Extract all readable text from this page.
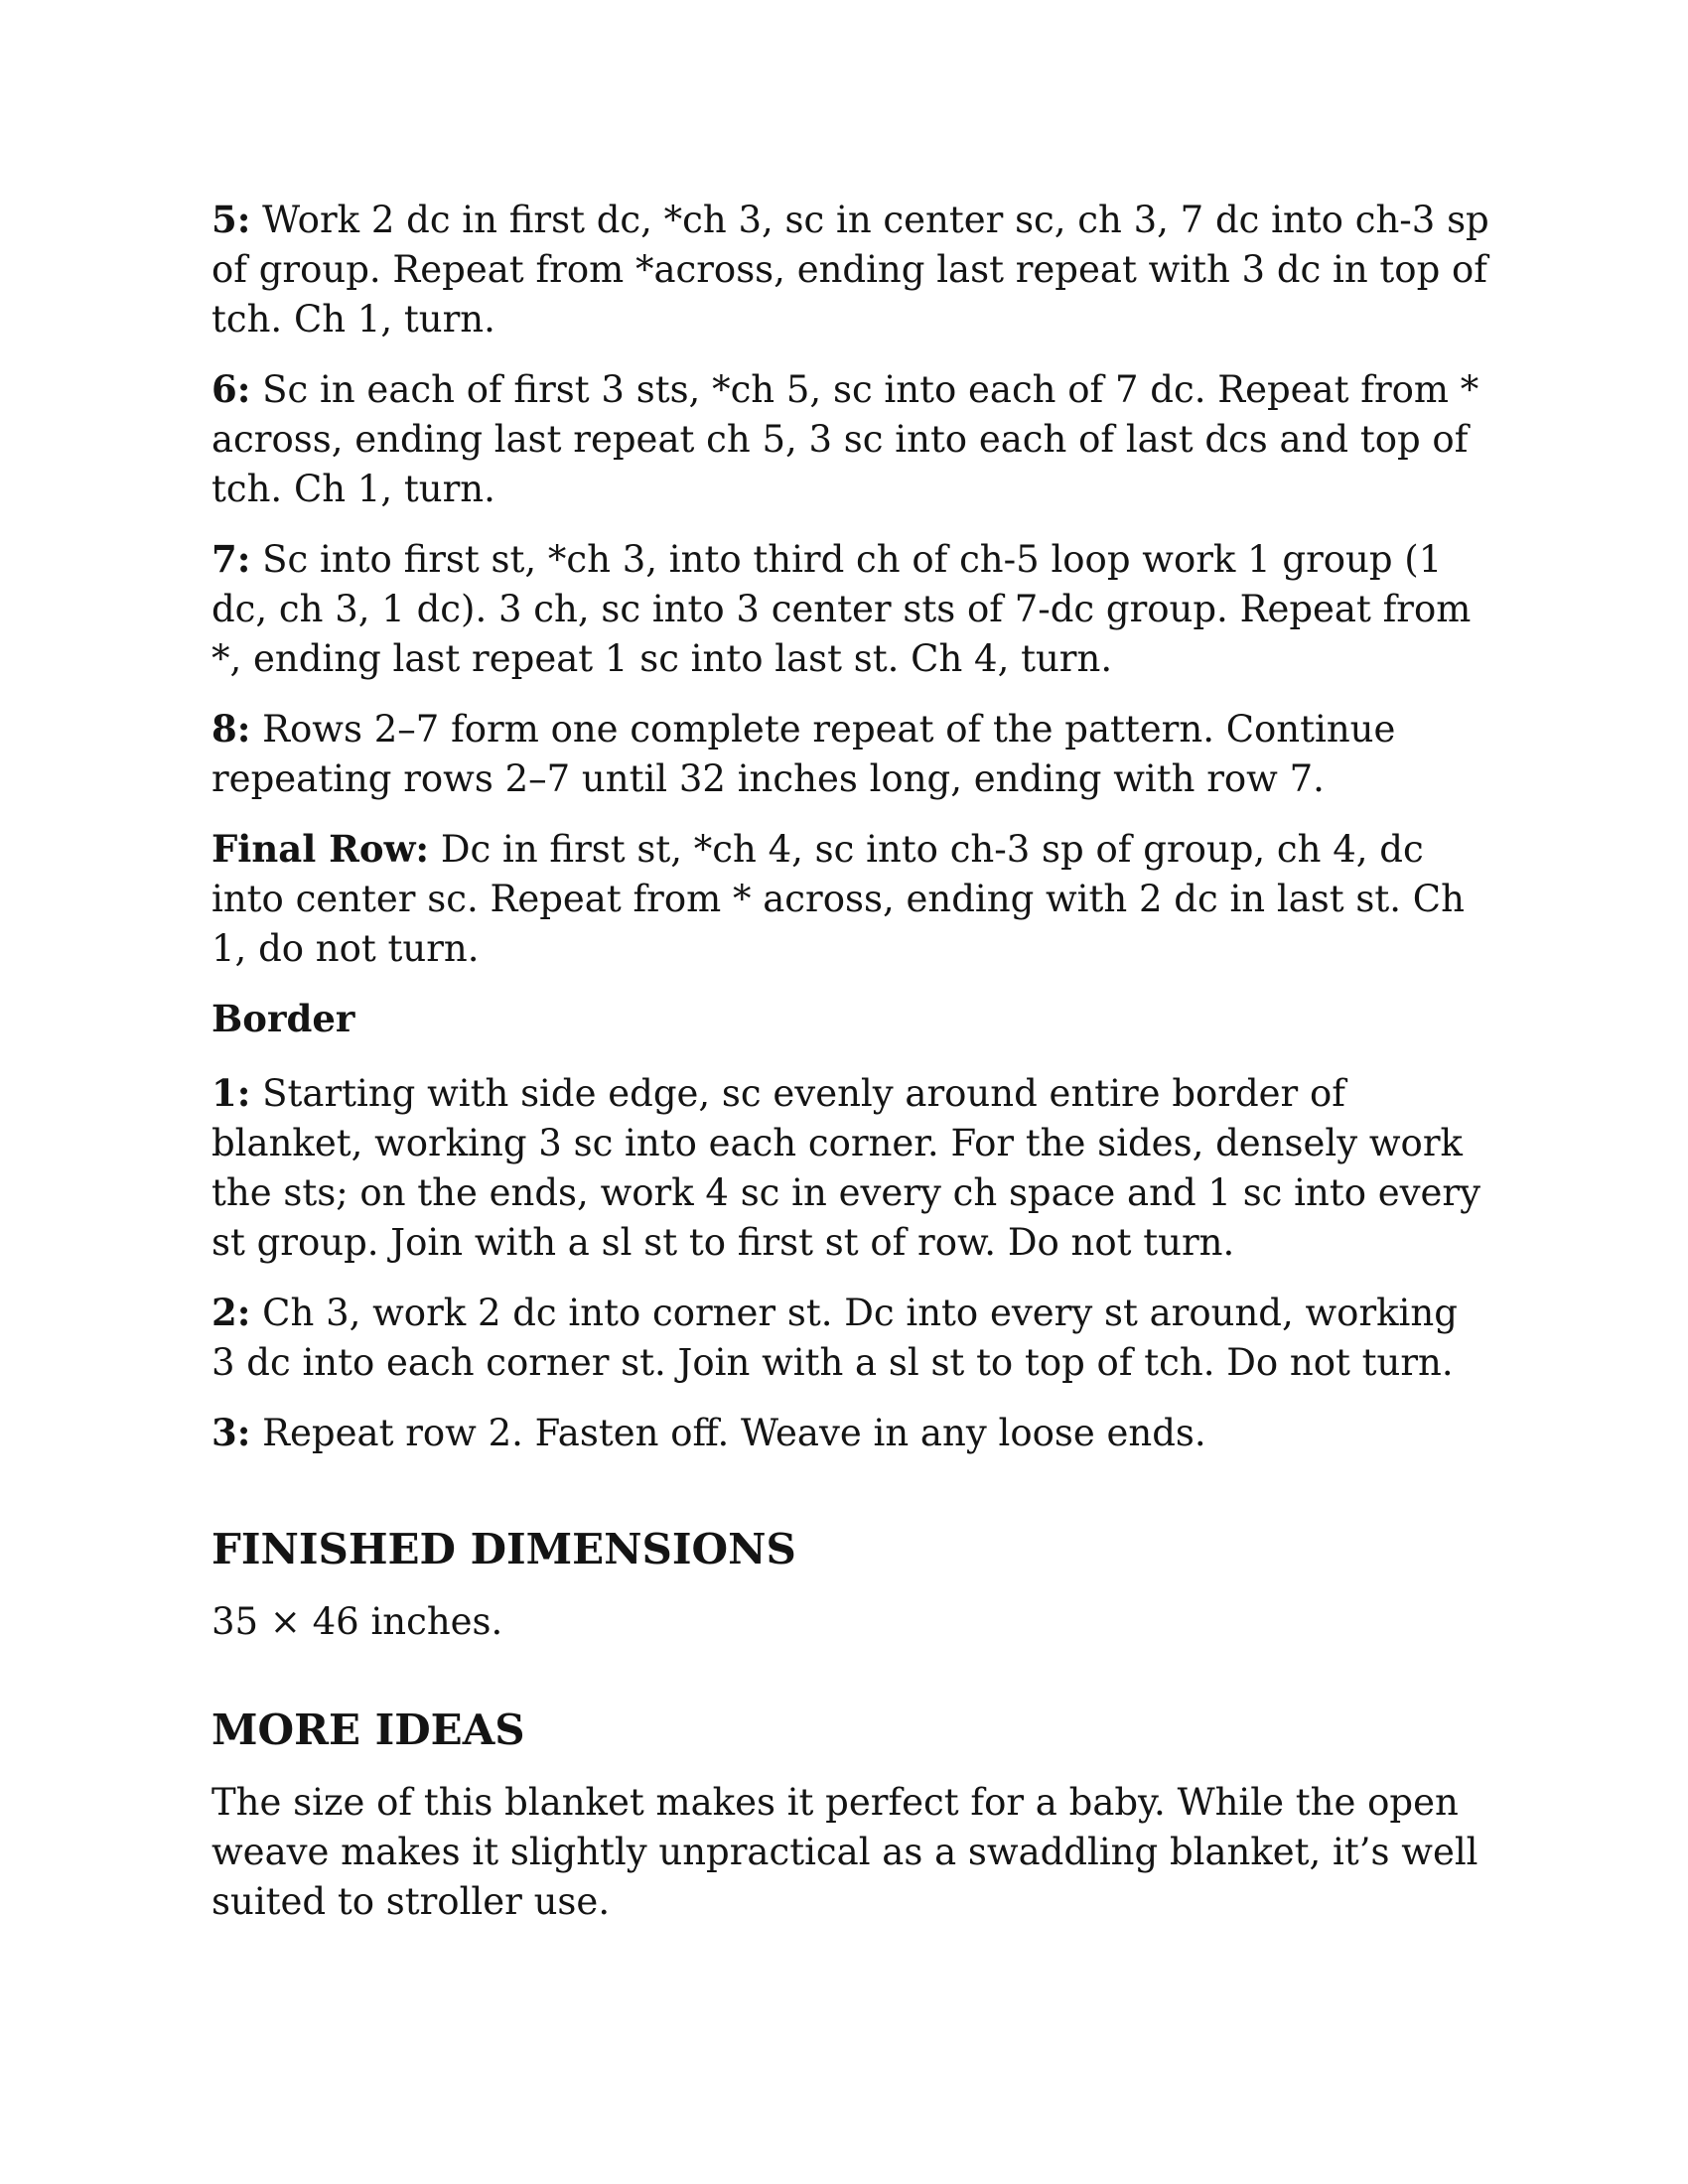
5: Work 2 dc in first dc, *ch 3, sc in center sc, ch 3, 7 dc into ch-3 sp of group. Repeat from *across, ending last repeat with 3 dc in top of tch. Ch 1, turn.

6: Sc in each of first 3 sts, *ch 5, sc into each of 7 dc. Repeat from * across, ending last repeat ch 5, 3 sc into each of last dcs and top of tch. Ch 1, turn.

7: Sc into first st, *ch 3, into third ch of ch-5 loop work 1 group (1 dc, ch 3, 1 dc). 3 ch, sc into 3 center sts of 7-dc group. Repeat from *, ending last repeat 1 sc into last st. Ch 4, turn.

8: Rows 2–7 form one complete repeat of the pattern. Continue repeating rows 2–7 until 32 inches long, ending with row 7.

Final Row: Dc in first st, *ch 4, sc into ch-3 sp of group, ch 4, dc into center sc. Repeat from * across, ending with 2 dc in last st. Ch 1, do not turn.

Border

1: Starting with side edge, sc evenly around entire border of blanket, working 3 sc into each corner. For the sides, densely work the sts; on the ends, work 4 sc in every ch space and 1 sc into every st group. Join with a sl st to first st of row. Do not turn.

2: Ch 3, work 2 dc into corner st. Dc into every st around, working 3 dc into each corner st. Join with a sl st to top of tch. Do not turn.

3: Repeat row 2. Fasten off. Weave in any loose ends.

FINISHED DIMENSIONS

35 × 46 inches.

MORE IDEAS

The size of this blanket makes it perfect for a baby. While the open weave makes it slightly unpractical as a swaddling blanket, it’s well suited to stroller use.
